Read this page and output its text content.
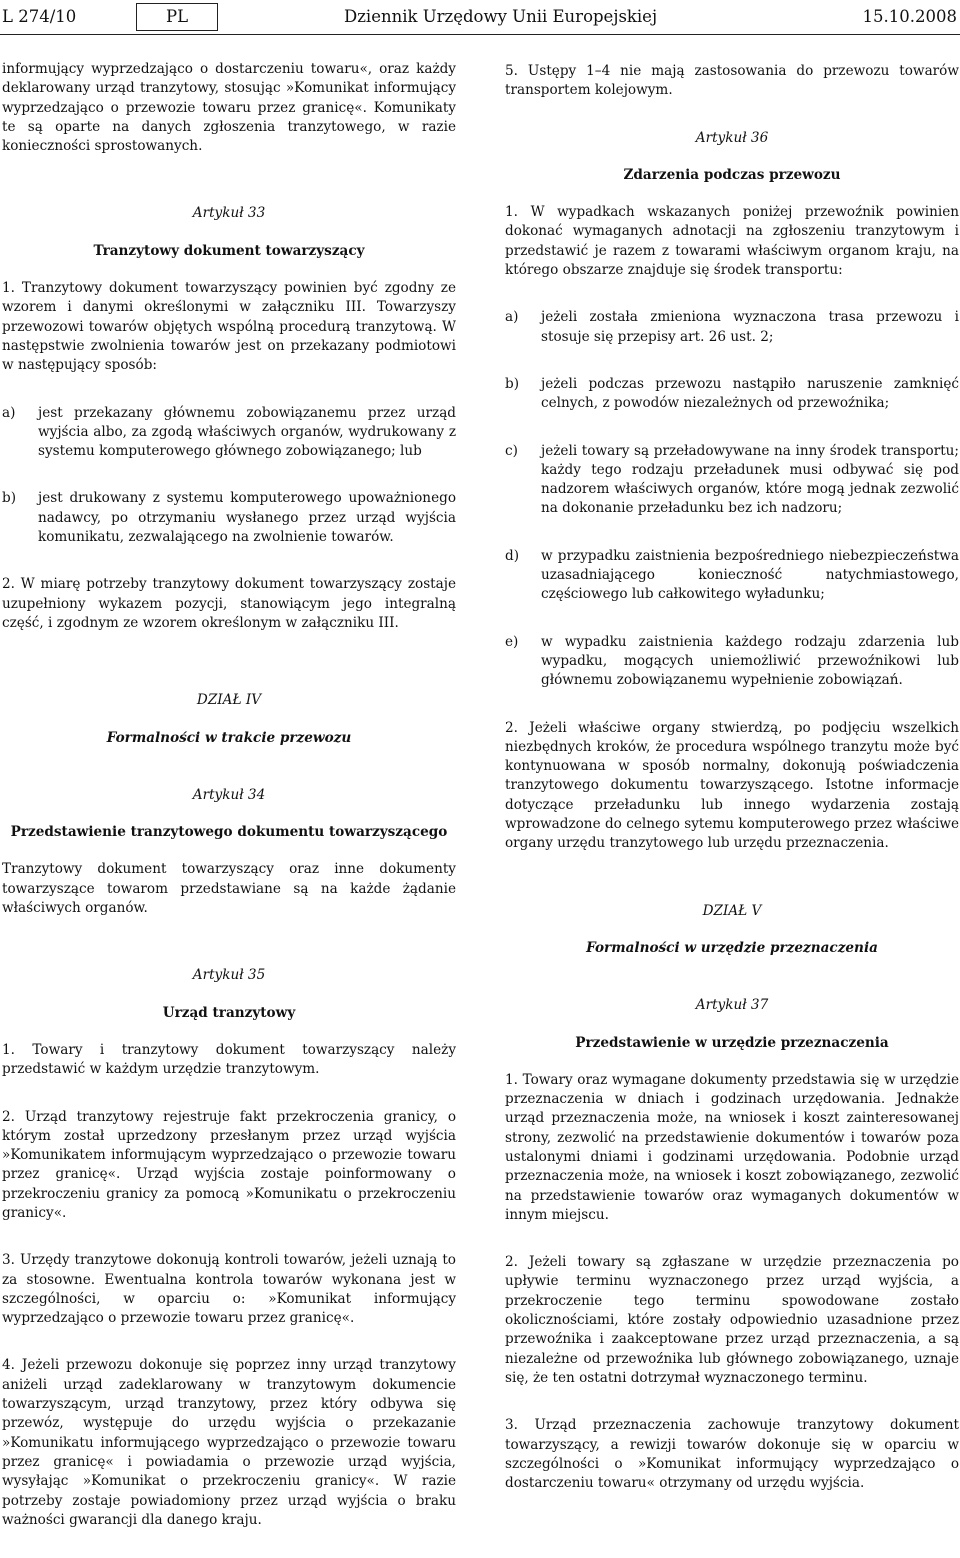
L 274/10	PL	Dziennik Urzędowy Unii Europejskiej	15.10.2008

informujący wyprzedzająco o dostarczeniu towaru«, oraz każdy deklarowany urząd tranzytowy, stosując »Komunikat informujący wyprzedzająco o przewozie towaru przez granicę«. Komunikaty te są oparte na danych zgłoszenia tranzytowego, w razie konieczności sprostowanych.

Artykuł 33
Tranzytowy dokument towarzyszący

1. Tranzytowy dokument towarzyszący powinien być zgodny ze wzorem i danymi określonymi w załączniku III. Towarzyszy przewozowi towarów objętych wspólną procedurą tranzytową. W następstwie zwolnienia towarów jest on przekazany podmiotowi w następujący sposób:

a)	jest przekazany głównemu zobowiązanemu przez urząd wyjścia albo, za zgodą właściwych organów, wydrukowany z systemu komputerowego głównego zobowiązanego; lub
b)	jest drukowany z systemu komputerowego upoważnionego nadawcy, po otrzymaniu wysłanego przez urząd wyjścia komunikatu, zezwalającego na zwolnienie towarów.

2. W miarę potrzeby tranzytowy dokument towarzyszący zostaje uzupełniony wykazem pozycji, stanowiącym jego integralną część, i zgodnym ze wzorem określonym w załączniku III.

DZIAŁ IV
Formalności w trakcie przewozu
Artykuł 34
Przedstawienie tranzytowego dokumentu towarzyszącego

Tranzytowy dokument towarzyszący oraz inne dokumenty towarzyszące towarom przedstawiane są na każde żądanie właściwych organów.

Artykuł 35
Urząd tranzytowy

1. Towary i tranzytowy dokument towarzyszący należy przedstawić w każdym urzędzie tranzytowym.

2. Urząd tranzytowy rejestruje fakt przekroczenia granicy, o którym został uprzedzony przesłanym przez urząd wyjścia »Komunikatem informującym wyprzedzająco o przewozie towaru przez granicę«. Urząd wyjścia zostaje poinformowany o przekroczeniu granicy za pomocą »Komunikatu o przekroczeniu granicy«.

3. Urzędy tranzytowe dokonują kontroli towarów, jeżeli uznają to za stosowne. Ewentualna kontrola towarów wykonana jest w szczególności, w oparciu o: »Komunikat informujący wyprzedzająco o przewozie towaru przez granicę«.

4. Jeżeli przewozu dokonuje się poprzez inny urząd tranzytowy aniżeli urząd zadeklarowany w tranzytowym dokumencie towarzyszącym, urząd tranzytowy, przez który odbywa się przewóz, występuje do urzędu wyjścia o przekazanie »Komunikatu informującego wyprzedzająco o przewozie towaru przez granicę« i powiadamia o przewozie urząd wyjścia, wysyłając »Komunikat o przekroczeniu granicy«. W razie potrzeby zostaje powiadomiony przez urząd wyjścia o braku ważności gwarancji dla danego kraju.

5. Ustępy 1–4 nie mają zastosowania do przewozu towarów transportem kolejowym.

Artykuł 36
Zdarzenia podczas przewozu

1. W wypadkach wskazanych poniżej przewoźnik powinien dokonać wymaganych adnotacji na zgłoszeniu tranzytowym i przedstawić je razem z towarami właściwym organom kraju, na którego obszarze znajduje się środek transportu:

a)	jeżeli została zmieniona wyznaczona trasa przewozu i stosuje się przepisy art. 26 ust. 2;
b)	jeżeli podczas przewozu nastąpiło naruszenie zamknięć celnych, z powodów niezależnych od przewoźnika;
c)	jeżeli towary są przeładowywane na inny środek transportu; każdy tego rodzaju przeładunek musi odbywać się pod nadzorem właściwych organów, które mogą jednak zezwolić na dokonanie przeładunku bez ich nadzoru;
d)	w przypadku zaistnienia bezpośredniego niebezpieczeństwa uzasadniającego konieczność natychmiastowego, częściowego lub całkowitego wyładunku;
e)	w wypadku zaistnienia każdego rodzaju zdarzenia lub wypadku, mogących uniemożliwić przewoźnikowi lub głównemu zobowiązanemu wypełnienie zobowiązań.

2. Jeżeli właściwe organy stwierdzą, po podjęciu wszelkich niezbędnych kroków, że procedura wspólnego tranzytu może być kontynuowana w sposób normalny, dokonują poświadczenia tranzytowego dokumentu towarzyszącego. Istotne informacje dotyczące przeładunku lub innego wydarzenia zostają wprowadzone do celnego sytemu komputerowego przez właściwe organy urzędu tranzytowego lub urzędu przeznaczenia.

DZIAŁ V
Formalności w urzędzie przeznaczenia
Artykuł 37
Przedstawienie w urzędzie przeznaczenia

1. Towary oraz wymagane dokumenty przedstawia się w urzędzie przeznaczenia w dniach i godzinach urzędowania. Jednakże urząd przeznaczenia może, na wniosek i koszt zainteresowanej strony, zezwolić na przedstawienie dokumentów i towarów poza ustalonymi dniami i godzinami urzędowania. Podobnie urząd przeznaczenia może, na wniosek i koszt zobowiązanego, zezwolić na przedstawienie towarów oraz wymaganych dokumentów w innym miejscu.

2. Jeżeli towary są zgłaszane w urzędzie przeznaczenia po upływie terminu wyznaczonego przez urząd wyjścia, a przekroczenie tego terminu spowodowane zostało okolicznościami, które zostały odpowiednio uzasadnione przez przewoźnika i zaakceptowane przez urząd przeznaczenia, a są niezależne od przewoźnika lub głównego zobowiązanego, uznaje się, że ten ostatni dotrzymał wyznaczonego terminu.

3. Urząd przeznaczenia zachowuje tranzytowy dokument towarzyszący, a rewizji towarów dokonuje się w oparciu w szczególności o »Komunikat informujący wyprzedzająco o dostarczeniu towaru« otrzymany od urzędu wyjścia.
